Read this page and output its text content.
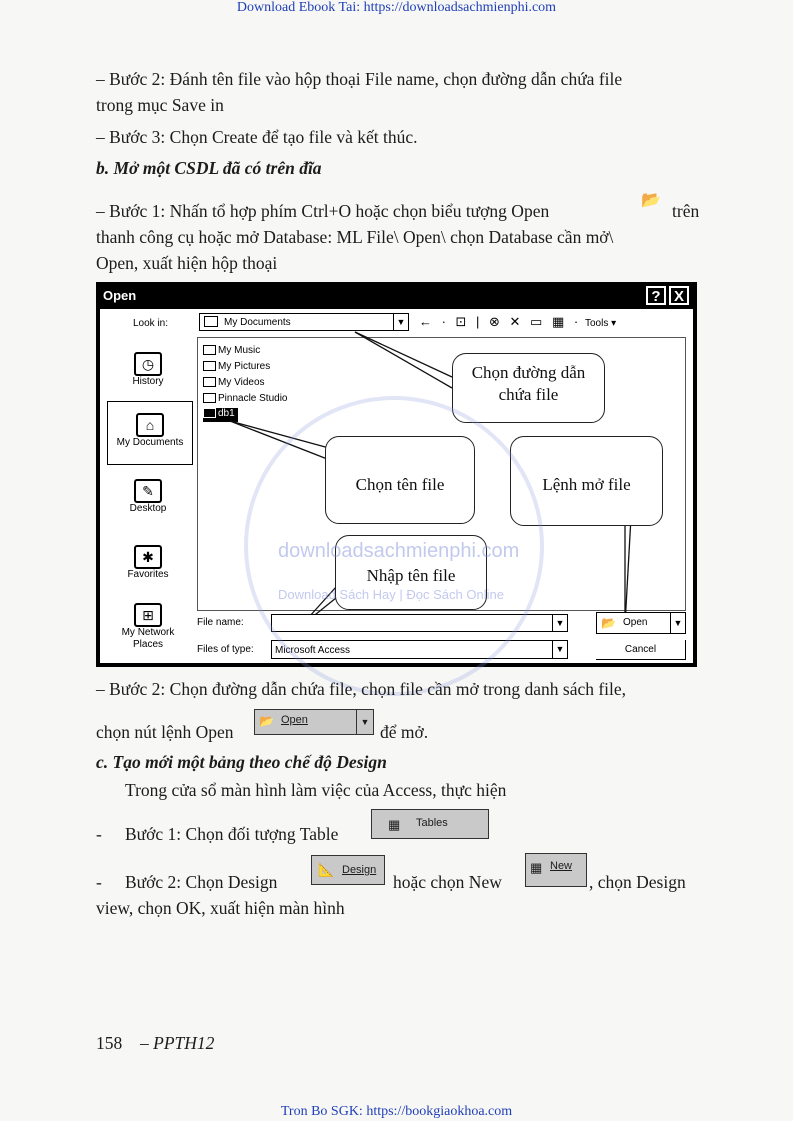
Download Ebook Tai: https://downloadsachmienphi.com
– Bước 2: Đánh tên file vào hộp thoại File name, chọn đường dẫn chứa file
trong mục Save in
– Bước 3: Chọn Create để tạo file và kết thúc.
b. Mở một CSDL đã có trên đĩa
– Bước 1: Nhấn tổ hợp phím Ctrl+O hoặc chọn biểu tượng Open
📂
trên
thanh công cụ hoặc mở Database: ML File\ Open\ chọn Database cần mở\
Open, xuất hiện hộp thoại
Open	? X
Look in:	My Documents	▼ ← · ⊡ | ⊗ ✕ ▭ ▦ · Tools ▾
◷
History
⌂
My Documents
✎
Desktop
✱
Favorites
⊞
My Network Places
My Music
My Pictures
My Videos
Pinnacle Studio
db1
Chọn đường dẫn chứa file
Chọn tên file	Lệnh mở file
Nhập tên file
File name:	▼
Files of type:	Microsoft Access	▼
📂 Open	▼
Cancel
downloadsachmienphi.com
Download Sách Hay | Đọc Sách Online
– Bước 2: Chọn đường dẫn chứa file, chọn file cần mở trong danh sách file,
chọn nút lệnh Open
📂 Open	▼ để mở.
c. Tạo mới một bảng theo chế độ Design
Trong cửa sổ màn hình làm việc của Access, thực hiện
- Bước 1: Chọn đối tượng Table	▦ Tables
- Bước 2: Chọn Design
📐 Design
hoặc chọn New
▦ New
, chọn Design
view, chọn OK, xuất hiện màn hình
158 – PPTH12
Tron Bo SGK: https://bookgiaokhoa.com
